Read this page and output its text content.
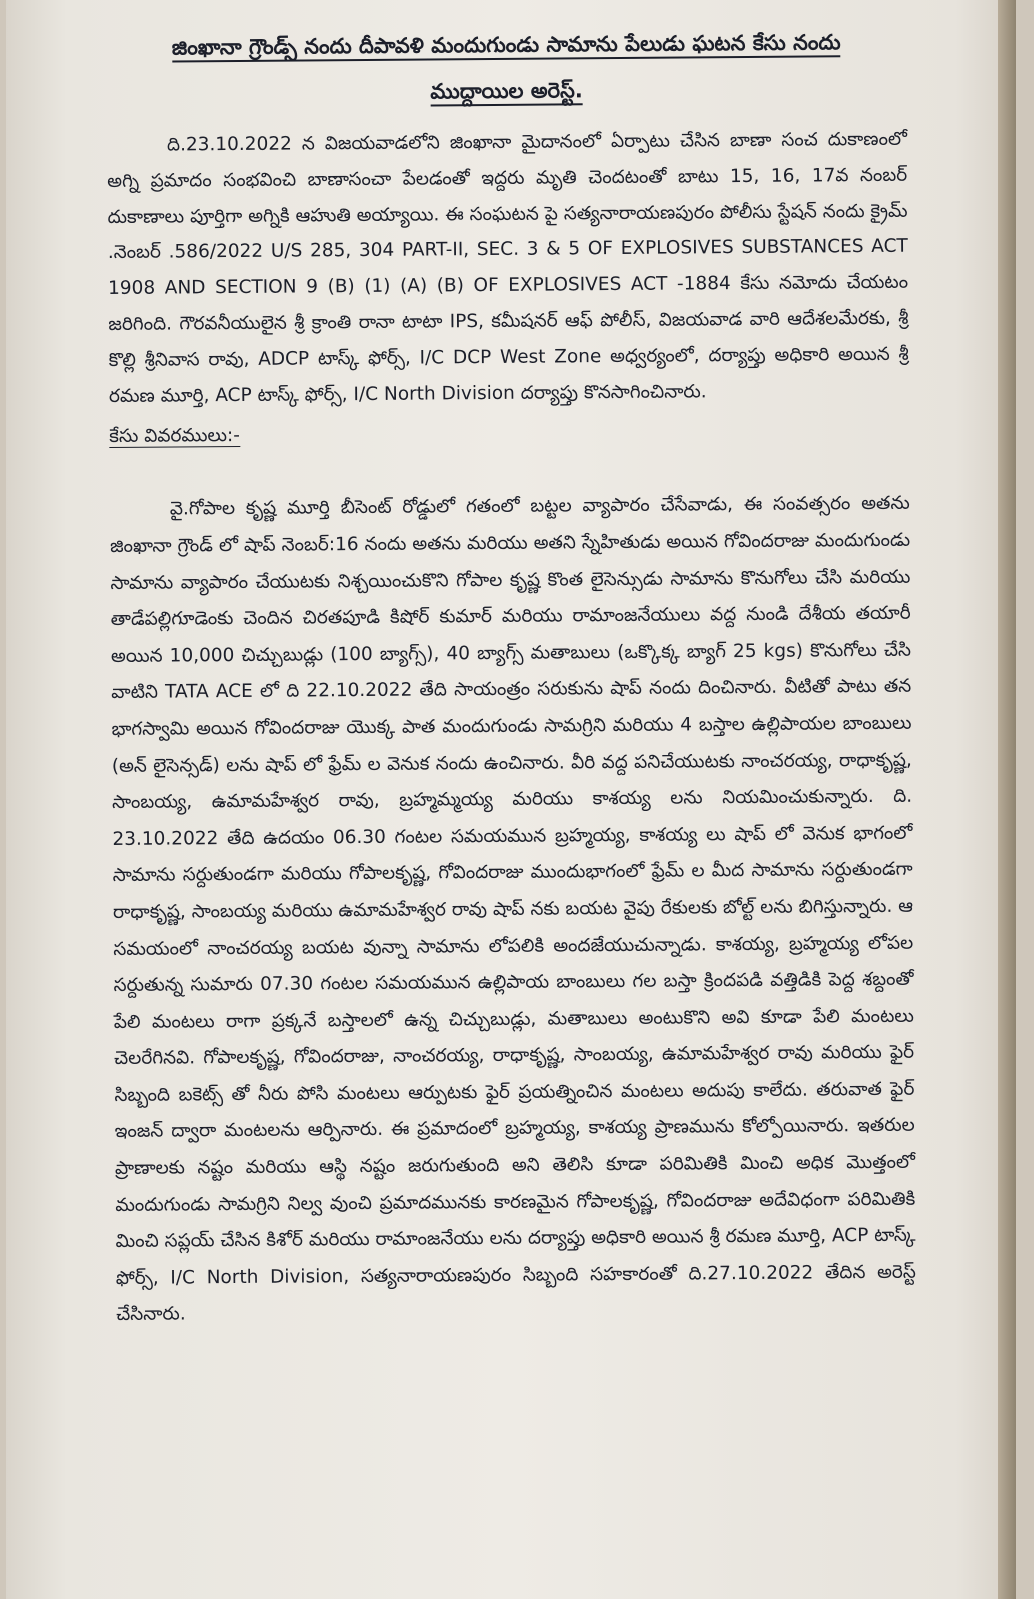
జింఖానా గ్రౌండ్స్ నందు దీపావళి మందుగుండు సామాను పేలుడు ఘటన కేసు నందు

ముద్దాయిల అరెస్ట్.

ది.23.10.2022 న విజయవాడలోని జింఖానా మైదానంలో ఏర్పాటు చేసిన బాణా సంచ దుకాణంలో అగ్ని ప్రమాదం సంభవించి బాణాసంచా పేలడంతో ఇద్దరు మృతి చెందటంతో బాటు 15, 16, 17వ నంబర్ దుకాణాలు పూర్తిగా అగ్నికి ఆహుతి అయ్యాయి. ఈ సంఘటన పై సత్యనారాయణపురం పోలీసు స్టేషన్ నందు క్రైమ్ .నెంబర్ .586/2022 U/S 285, 304 PART-II, SEC. 3 & 5 OF EXPLOSIVES SUBSTANCES ACT 1908 AND SECTION 9 (B) (1) (A) (B) OF EXPLOSIVES ACT -1884 కేసు నమోదు చేయటం జరిగింది. గౌరవనీయులైన శ్రీ క్రాంతి రానా టాటా IPS, కమీషనర్ ఆఫ్ పోలీస్, విజయవాడ వారి ఆదేశలమేరకు, శ్రీ కొల్లి శ్రీనివాస రావు, ADCP టాస్క్ ఫోర్స్, I/C DCP West Zone అధ్వర్యంలో, దర్యాప్తు అధికారి అయిన శ్రీ రమణ మూర్తి, ACP టాస్క్ ఫోర్స్, I/C North Division దర్యాప్తు కొనసాగించినారు.

కేసు వివరములు:-

వై.గోపాల కృష్ణ మూర్తి బీసెంట్ రోడ్డులో గతంలో బట్టల వ్యాపారం చేసేవాడు, ఈ సంవత్సరం అతను జింఖానా గ్రౌండ్ లో షాప్ నెంబర్:16 నందు అతను మరియు అతని స్నేహితుడు అయిన గోవిందరాజు మందుగుండు సామాను వ్యాపారం చేయుటకు నిశ్చయించుకొని గోపాల కృష్ణ కొంత లైసెన్సుడు సామాను కొనుగోలు చేసి మరియు తాడేపల్లిగూడెంకు చెందిన చిరతపూడి కిషోర్ కుమార్ మరియు రామాంజనేయులు వద్ద నుండి దేశీయ తయారీ అయిన 10,000 చిచ్చుబుడ్లు (100 బ్యాగ్స్), 40 బ్యాగ్స్ మతాబులు (ఒక్కొక్క బ్యాగ్ 25 kgs) కొనుగోలు చేసి వాటిని TATA ACE లో ది 22.10.2022 తేది సాయంత్రం సరుకును షాప్ నందు దించినారు. వీటితో పాటు తన భాగస్వామి అయిన గోవిందరాజు యొక్క పాత మందుగుండు సామగ్రిని మరియు 4 బస్తాల ఉల్లిపాయల బాంబులు (అన్ లైసెన్సడ్) లను షాప్ లో ఫ్రేమ్ ల వెనుక నందు ఉంచినారు. వీరి వద్ద పనిచేయుటకు నాంచరయ్య, రాధాకృష్ణ, సాంబయ్య, ఉమామహేశ్వర రావు, బ్రహ్మమ్మయ్య మరియు కాశయ్య లను నియమించుకున్నారు. ది. 23.10.2022 తేది ఉదయం 06.30 గంటల సమయమున బ్రహ్మయ్య, కాశయ్య లు షాప్ లో వెనుక భాగంలో సామాను సర్దుతుండగా మరియు గోపాలకృష్ణ, గోవిందరాజు ముందుభాగంలో ఫ్రేమ్ ల మీద సామాను సర్దుతుండగా రాధాకృష్ణ, సాంబయ్య మరియు ఉమామహేశ్వర రావు షాప్ నకు బయట వైపు రేకులకు బోల్ట్ లను బిగిస్తున్నారు. ఆ సమయంలో నాంచరయ్య బయట వున్నా సామాను లోపలికి అందజేయుచున్నాడు. కాశయ్య, బ్రహ్మయ్య లోపల సర్దుతున్న సుమారు 07.30 గంటల సమయమున ఉల్లిపాయ బాంబులు గల బస్తా క్రిందపడి వత్తిడికి పెద్ద శబ్దంతో పేలి మంటలు రాగా ప్రక్కనే బస్తాలలో ఉన్న చిచ్చుబుడ్లు, మతాబులు అంటుకొని అవి కూడా పేలి మంటలు చెలరేగినవి. గోపాలకృష్ణ, గోవిందరాజు, నాంచరయ్య, రాధాకృష్ణ, సాంబయ్య, ఉమామహేశ్వర రావు మరియు ఫైర్ సిబ్బంది బకెట్స్ తో నీరు పోసి మంటలు ఆర్పుటకు ఫైర్ ప్రయత్నించిన మంటలు అదుపు కాలేదు. తరువాత ఫైర్ ఇంజన్ ద్వారా మంటలను ఆర్పినారు. ఈ ప్రమాదంలో బ్రహ్మయ్య, కాశయ్య ప్రాణమును కోల్పోయినారు. ఇతరుల ప్రాణాలకు నష్టం మరియు ఆస్థి నష్టం జరుగుతుంది అని తెలిసి కూడా పరిమితికి మించి అధిక మొత్తంలో మందుగుండు సామగ్రిని నిల్వ వుంచి ప్రమాదమునకు కారణమైన గోపాలకృష్ణ, గోవిందరాజు అదేవిధంగా పరిమితికి మించి సప్లయ్ చేసిన కిశోర్ మరియు రామాంజనేయు లను దర్యాప్తు అధికారి అయిన శ్రీ రమణ మూర్తి, ACP టాస్క్ ఫోర్స్, I/C North Division, సత్యనారాయణపురం సిబ్బంది సహకారంతో ది.27.10.2022 తేదిన అరెస్ట్ చేసినారు.
